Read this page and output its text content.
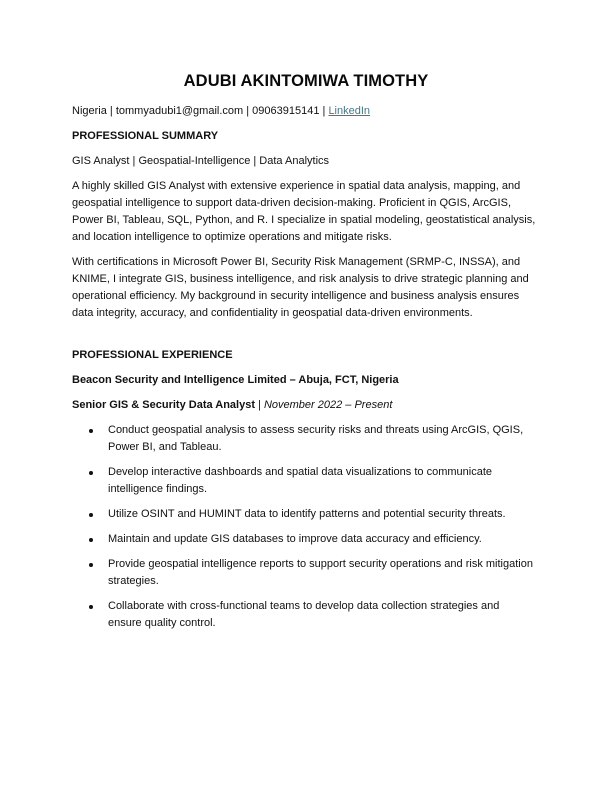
ADUBI AKINTOMIWA TIMOTHY
Nigeria | tommyadubi1@gmail.com | 09063915141 | LinkedIn
PROFESSIONAL SUMMARY
GIS Analyst | Geospatial-Intelligence | Data Analytics
A highly skilled GIS Analyst with extensive experience in spatial data analysis, mapping, and geospatial intelligence to support data-driven decision-making. Proficient in QGIS, ArcGIS, Power BI, Tableau, SQL, Python, and R. I specialize in spatial modeling, geostatistical analysis, and location intelligence to optimize operations and mitigate risks.
With certifications in Microsoft Power BI, Security Risk Management (SRMP-C, INSSA), and KNIME, I integrate GIS, business intelligence, and risk analysis to drive strategic planning and operational efficiency. My background in security intelligence and business analysis ensures data integrity, accuracy, and confidentiality in geospatial data-driven environments.
PROFESSIONAL EXPERIENCE
Beacon Security and Intelligence Limited – Abuja, FCT, Nigeria
Senior GIS & Security Data Analyst | November 2022 – Present
Conduct geospatial analysis to assess security risks and threats using ArcGIS, QGIS, Power BI, and Tableau.
Develop interactive dashboards and spatial data visualizations to communicate intelligence findings.
Utilize OSINT and HUMINT data to identify patterns and potential security threats.
Maintain and update GIS databases to improve data accuracy and efficiency.
Provide geospatial intelligence reports to support security operations and risk mitigation strategies.
Collaborate with cross-functional teams to develop data collection strategies and ensure quality control.
